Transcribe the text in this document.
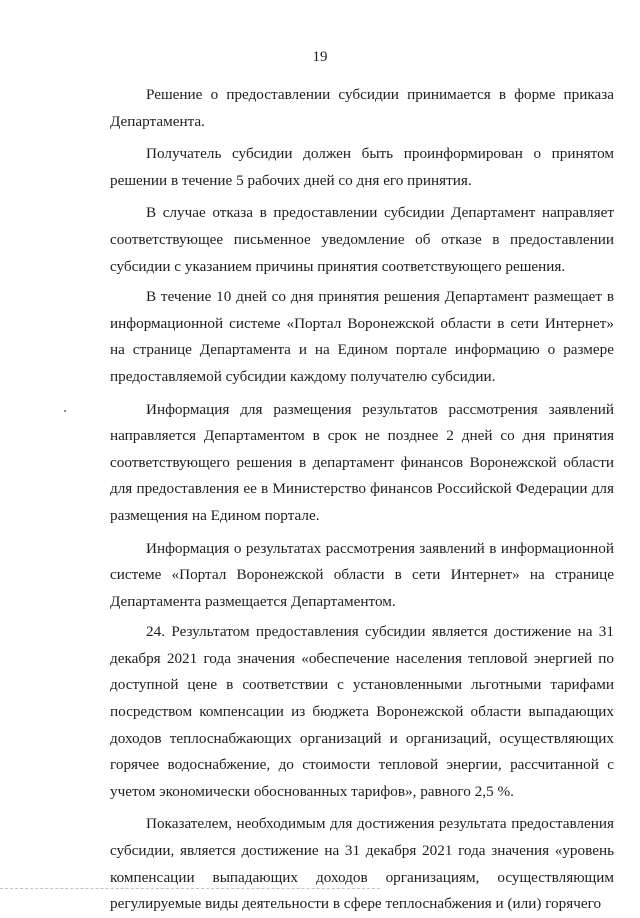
19

Решение о предоставлении субсидии принимается в форме приказа Департамента.

Получатель субсидии должен быть проинформирован о принятом решении в течение 5 рабочих дней со дня его принятия.

В случае отказа в предоставлении субсидии Департамент направляет соответствующее письменное уведомление об отказе в предоставлении субсидии с указанием причины принятия соответствующего решения.

В течение 10 дней со дня принятия решения Департамент размещает в информационной системе «Портал Воронежской области в сети Интернет» на странице Департамента и на Едином портале информацию о размере предоставляемой субсидии каждому получателю субсидии.

Информация для размещения результатов рассмотрения заявлений направляется Департаментом в срок не позднее 2 дней со дня принятия соответствующего решения в департамент финансов Воронежской области для предоставления ее в Министерство финансов Российской Федерации для размещения на Едином портале.

Информация о результатах рассмотрения заявлений в информационной системе «Портал Воронежской области в сети Интернет» на странице Департамента размещается Департаментом.

24. Результатом предоставления субсидии является достижение на 31 декабря 2021 года значения «обеспечение населения тепловой энергией по доступной цене в соответствии с установленными льготными тарифами посредством компенсации из бюджета Воронежской области выпадающих доходов теплоснабжающих организаций и организаций, осуществляющих горячее водоснабжение, до стоимости тепловой энергии, рассчитанной с учетом экономически обоснованных тарифов», равного 2,5 %.

Показателем, необходимым для достижения результата предоставления субсидии, является достижение на 31 декабря 2021 года значения «уровень компенсации выпадающих доходов организациям, осуществляющим регулируемые виды деятельности в сфере теплоснабжения и (или) горячего
